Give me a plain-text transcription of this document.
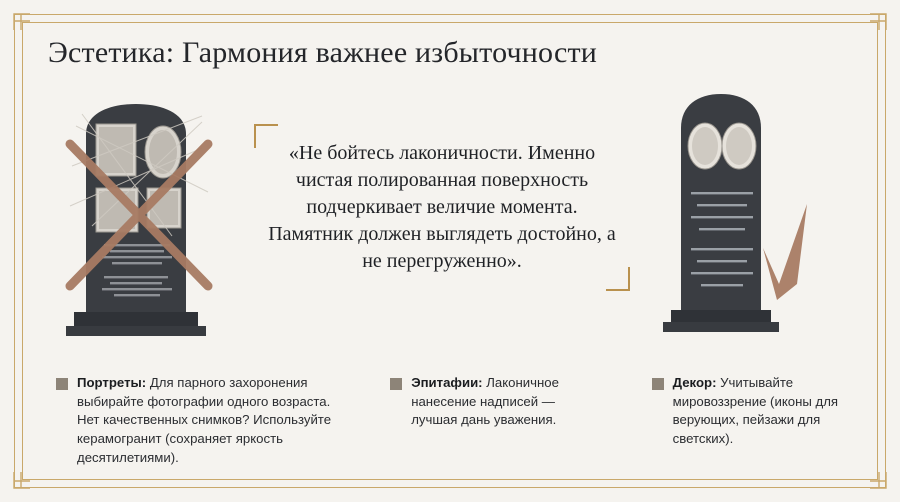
Эстетика: Гармония важнее избыточности
«Не бойтесь лаконичности. Именно чистая полированная поверхность подчеркивает величие момента. Памятник должен выглядеть достойно, а не перегруженно».
Портреты: Для парного захоронения выбирайте фотографии одного возраста. Нет качественных снимков? Используйте керамогранит (сохраняет яркость десятилетиями).
Эпитафии: Лаконичное нанесение надписей — лучшая дань уважения.
Декор: Учитывайте мировоззрение (иконы для верующих, пейзажи для светских).
